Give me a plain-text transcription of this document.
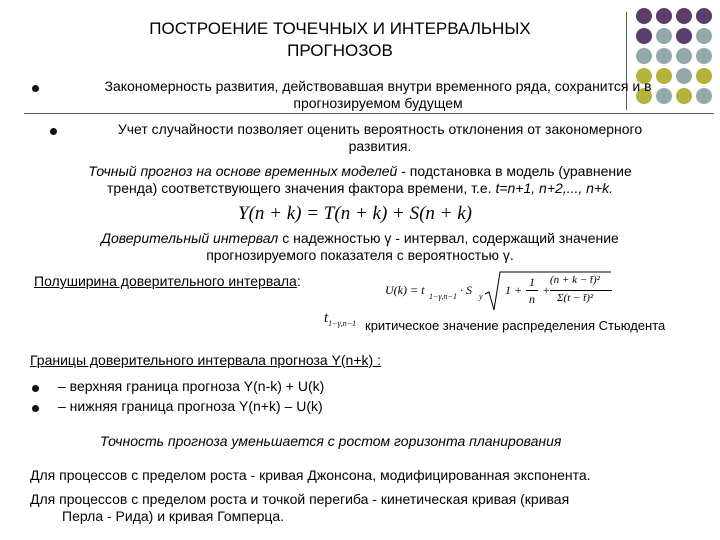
ПОСТРОЕНИЕ ТОЧЕЧНЫХ И ИНТЕРВАЛЬНЫХ
ПРОГНОЗОВ
Закономерность развития, действовавшая внутри временного ряда, сохранится и в
прогнозируемом будущем
Учет случайности позволяет оценить вероятность отклонения от закономерного
развития.
Точный прогноз на основе временных моделей - подстановка в модель (уравнение
тренда) соответствующего значения фактора времени, т.е. t=n+1, n+2,..., n+k.
Y(n + k) = T(n + k) + S(n + k)
Доверительный интервал с надежностью γ - интервал, содержащий значение
прогнозируемого показателя с вероятностью γ.
Полуширина доверительного интервала:
U(k) = t 1−γ,n−1 · S y 1 +
1
n
+
(n + k − t̄)²
Σ(t − t̄)²
$t_{1-\gamma,n-1}$ критическое значение распределения Стьюдента
Границы доверительного интервала прогноза Y(n+k) :
– верхняя граница прогноза Y(n-k) + U(k)
– нижняя граница прогноза Y(n+k) – U(k)
Точность прогноза уменьшается с ростом горизонта планирования
Для процессов с пределом роста - кривая Джонсона, модифицированная экспонента.
Для процессов с пределом роста и точкой перегиба - кинетическая кривая (кривая
Перла - Рида) и кривая Гомперца.
